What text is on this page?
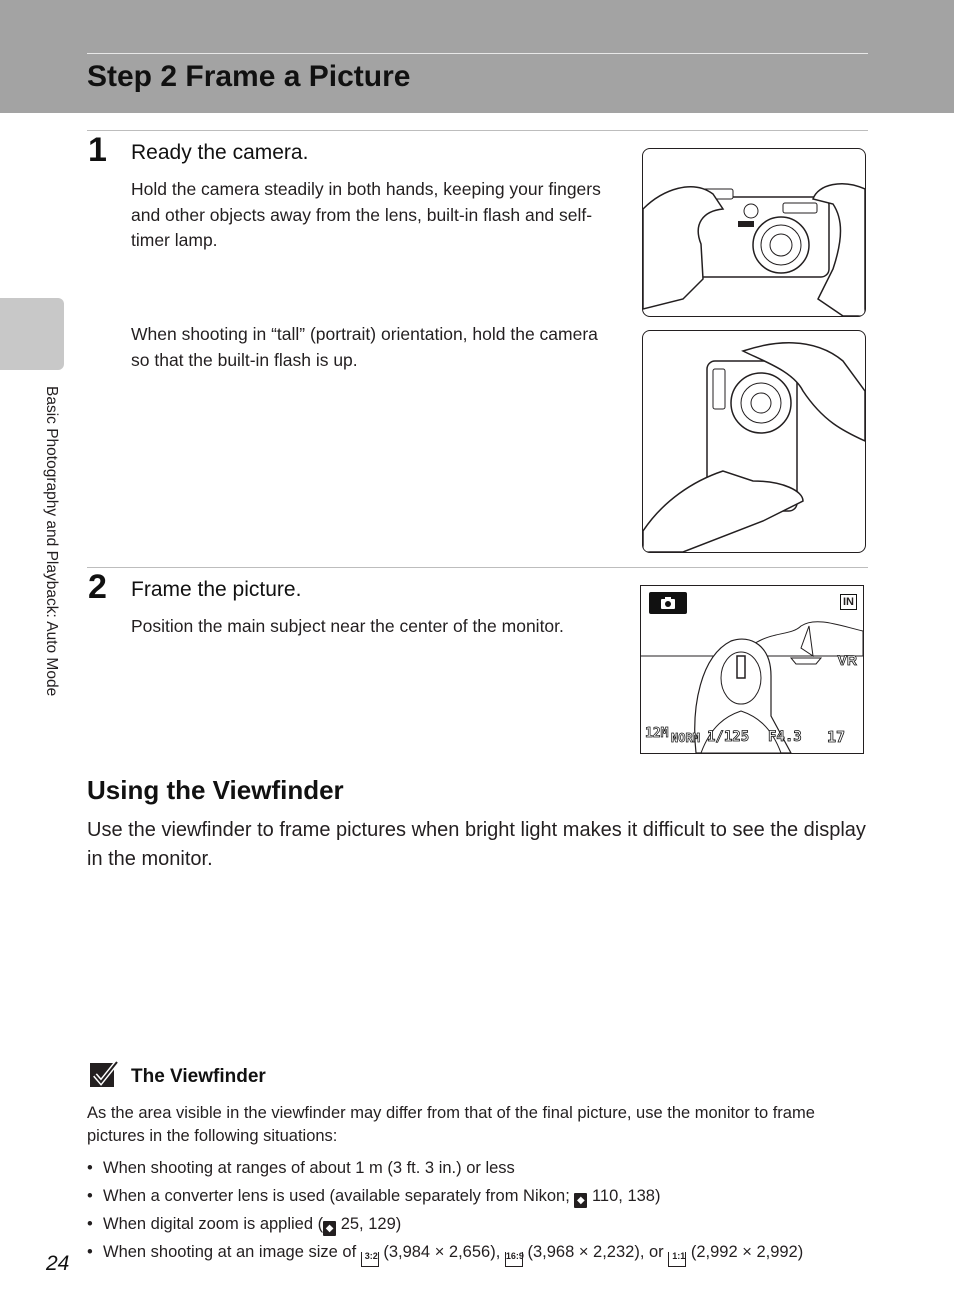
Step 2 Frame a Picture
Basic Photography and Playback: Auto Mode
1 Ready the camera.
Hold the camera steadily in both hands, keeping your fingers and other objects away from the lens, built-in flash and self-timer lamp.
When shooting in “tall” (portrait) orientation, hold the camera so that the built-in flash is up.
2 Frame the picture.
Position the main subject near the center of the monitor.
IN
VR
12M NORM 1/125 F4.3 17
Using the Viewfinder
Use the viewfinder to frame pictures when bright light makes it difficult to see the display in the monitor.
The Viewfinder
As the area visible in the viewfinder may differ from that of the final picture, use the monitor to frame pictures in the following situations:
• When shooting at ranges of about 1 m (3 ft. 3 in.) or less
• When a converter lens is used (available separately from Nikon; ◆ 110, 138)
• When digital zoom is applied ( ◆ 25, 129)
• When shooting at an image size of 3:2 (3,984 × 2,656), 16:9 (3,968 × 2,232), or 1:1 (2,992 × 2,992)
24
